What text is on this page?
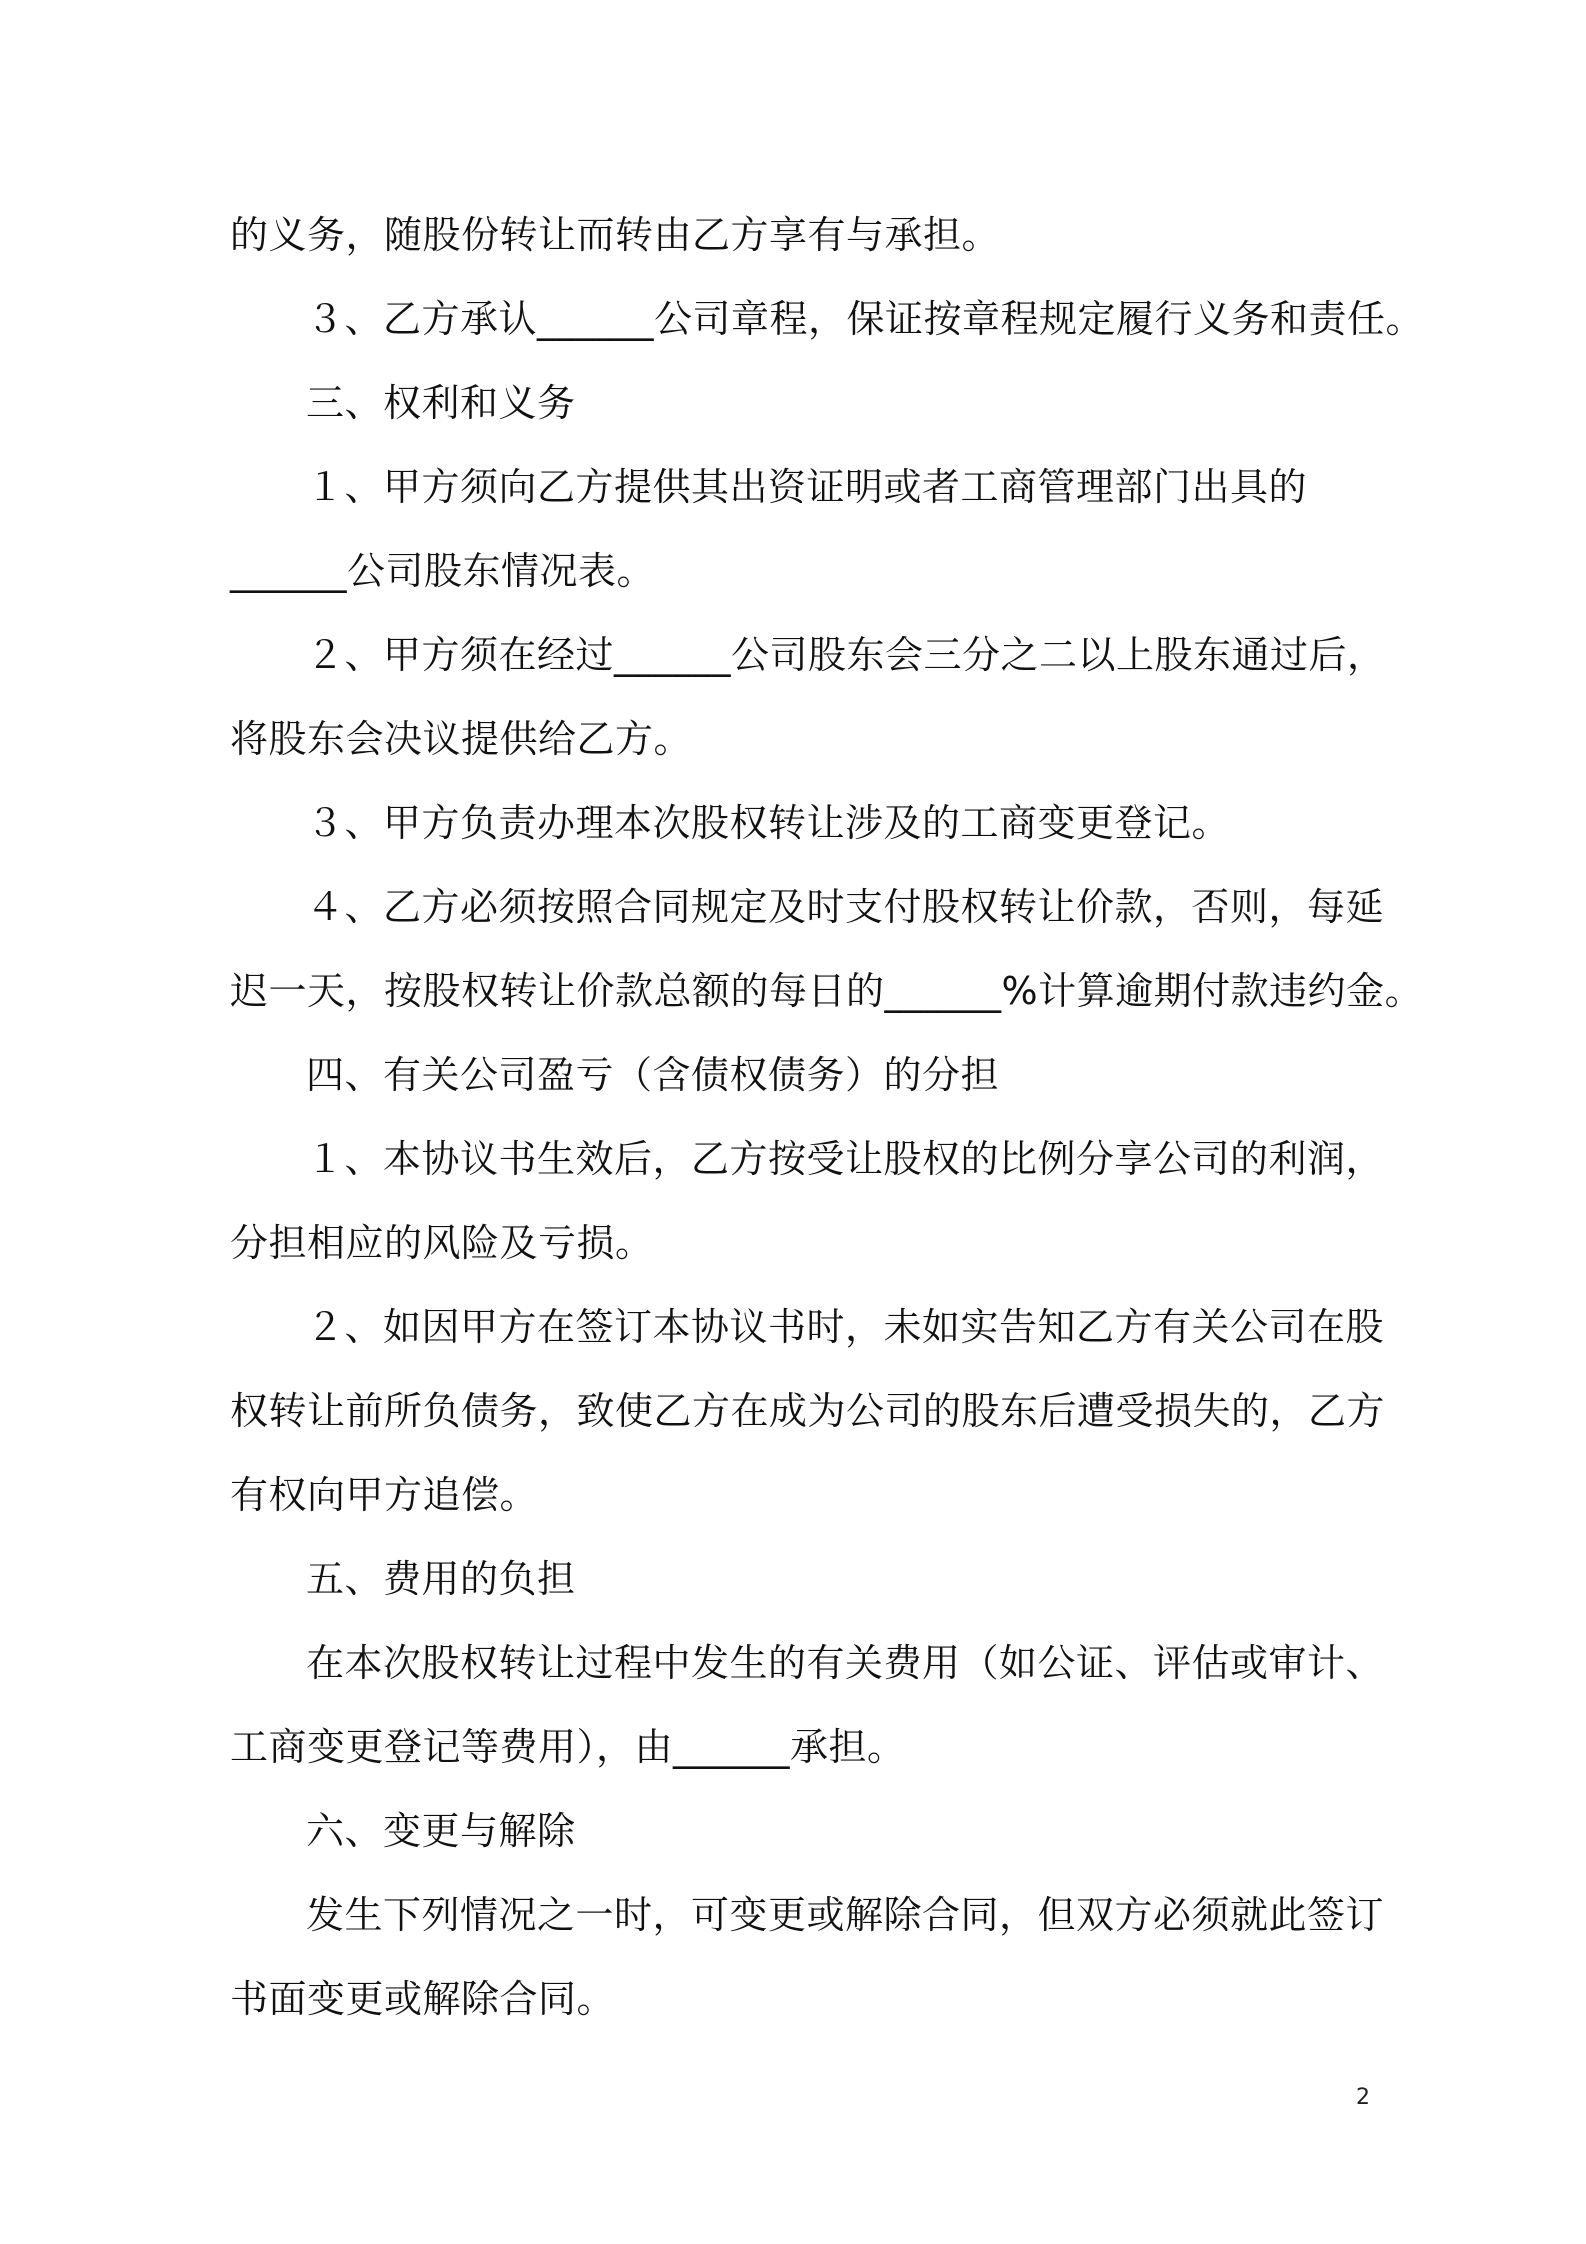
的义务，随股份转让而转由乙方享有与承担。
３、乙方承认______公司章程，保证按章程规定履行义务和责任。
三、权利和义务
１、甲方须向乙方提供其出资证明或者工商管理部门出具的
______公司股东情况表。
２、甲方须在经过______公司股东会三分之二以上股东通过后，
将股东会决议提供给乙方。
３、甲方负责办理本次股权转让涉及的工商变更登记。
４、乙方必须按照合同规定及时支付股权转让价款，否则，每延
迟一天，按股权转让价款总额的每日的______%计算逾期付款违约金。
四、有关公司盈亏（含债权债务）的分担
１、本协议书生效后，乙方按受让股权的比例分享公司的利润，
分担相应的风险及亏损。
２、如因甲方在签订本协议书时，未如实告知乙方有关公司在股
权转让前所负债务，致使乙方在成为公司的股东后遭受损失的，乙方
有权向甲方追偿。
五、费用的负担
在本次股权转让过程中发生的有关费用（如公证、评估或审计、
工商变更登记等费用），由______承担。
六、变更与解除
发生下列情况之一时，可变更或解除合同，但双方必须就此签订
书面变更或解除合同。
2
